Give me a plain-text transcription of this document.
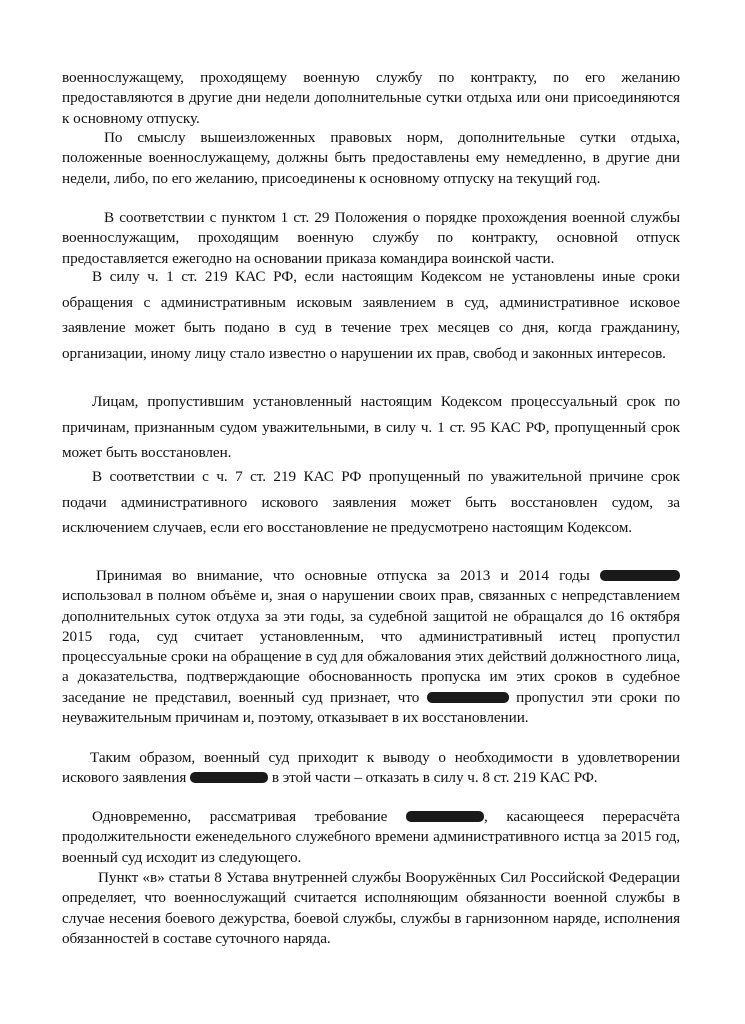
военнослужащему, проходящему военную службу по контракту, по его желанию предоставляются в другие дни недели дополнительные сутки отдыха или они присоединяются к основному отпуску.

По смыслу вышеизложенных правовых норм, дополнительные сутки отдыха, положенные военнослужащему, должны быть предоставлены ему немедленно, в другие дни недели, либо, по его желанию, присоединены к основному отпуску на текущий год.

В соответствии с пунктом 1 ст. 29 Положения о порядке прохождения военной службы военнослужащим, проходящим военную службу по контракту, основной отпуск предоставляется ежегодно на основании приказа командира воинской части.

В силу ч. 1 ст. 219 КАС РФ, если настоящим Кодексом не установлены иные сроки обращения с административным исковым заявлением в суд, административное исковое заявление может быть подано в суд в течение трех месяцев со дня, когда гражданину, организации, иному лицу стало известно о нарушении их прав, свобод и законных интересов.

Лицам, пропустившим установленный настоящим Кодексом процессуальный срок по причинам, признанным судом уважительными, в силу ч. 1 ст. 95 КАС РФ, пропущенный срок может быть восстановлен.

В соответствии с ч. 7 ст. 219 КАС РФ пропущенный по уважительной причине срок подачи административного искового заявления может быть восстановлен судом, за исключением случаев, если его восстановление не предусмотрено настоящим Кодексом.

Принимая во внимание, что основные отпуска за 2013 и 2014 годы  использовал в полном объёме и, зная о нарушении своих прав, связанных с непредставлением дополнительных суток отдуха за эти годы, за судебной защитой не обращался до 16 октября 2015 года, суд считает установленным, что административный истец пропустил процессуальные сроки на обращение в суд для обжалования этих действий должностного лица, а доказательства, подтверждающие обоснованность пропуска им этих сроков в судебное заседание не представил, военный суд признает, что	пропустил эти сроки по неуважительным причинам и, поэтому, отказывает в их восстановлении.

Таким образом, военный суд приходит к выводу о необходимости в удовлетворении искового заявления	в этой части – отказать в силу ч. 8 ст. 219 КАС РФ.

Одновременно, рассматривая требование	, касающееся перерасчёта продолжительности еженедельного служебного времени административного истца за 2015 год, военный суд исходит из следующего.

Пункт «в» статьи 8 Устава внутренней службы Вооружённых Сил Российской Федерации определяет, что военнослужащий считается исполняющим обязанности военной службы в случае несения боевого дежурства, боевой службы, службы в гарнизонном наряде, исполнения обязанностей в составе суточного наряда.
